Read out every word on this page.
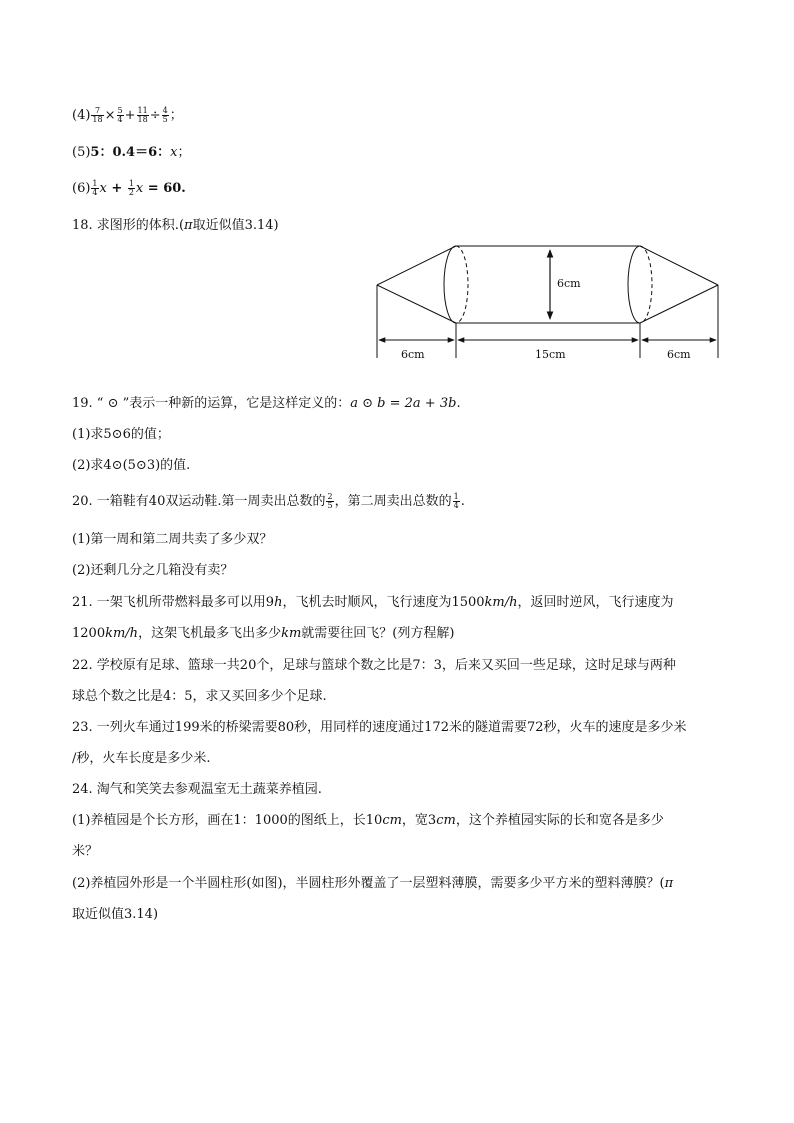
$(4) \frac{7}{18} \times \frac{5}{4} + \frac{11}{18} \div \frac{4}{5}$ ；
(5)5：0.4＝6：x；
$(6) \frac{1}{4}$ $x + \frac{1}{2}$ x = 60.
18. 求图形的体积.(π取近似值3.14)
6cm
6cm	15cm	6cm
19. “ ⊙ ”表示一种新的运算，它是这样定义的：a ⊙ b = 2a + 3b.
(1)求5⊙6的值；
(2)求4⊙(5⊙3)的值.
20. 一箱鞋有40双运动鞋.第一周卖出总数的 $\frac{2}{5}$ ，第二周卖出总数的 $\frac{1}{4}$ .
(1)第一周和第二周共卖了多少双？
(2)还剩几分之几箱没有卖？
21. 一架飞机所带燃料最多可以用9h，飞机去时顺风，飞行速度为1500km/h，返回时逆风，飞行速度为
1200km/h，这架飞机最多飞出多少km就需要往回飞？(列方程解)
22. 学校原有足球、篮球一共20个，足球与篮球个数之比是7：3，后来又买回一些足球，这时足球与两种
球总个数之比是4：5，求又买回多少个足球.
23. 一列火车通过199米的桥梁需要80秒，用同样的速度通过172米的隧道需要72秒，火车的速度是多少米
/秒，火车长度是多少米.
24. 淘气和笑笑去参观温室无土蔬菜养植园.
(1)养植园是个长方形，画在1：1000的图纸上，长10cm，宽3cm，这个养植园实际的长和宽各是多少
米？
(2)养植园外形是一个半圆柱形(如图)，半圆柱形外覆盖了一层塑料薄膜，需要多少平方米的塑料薄膜？(π
取近似值3.14)
